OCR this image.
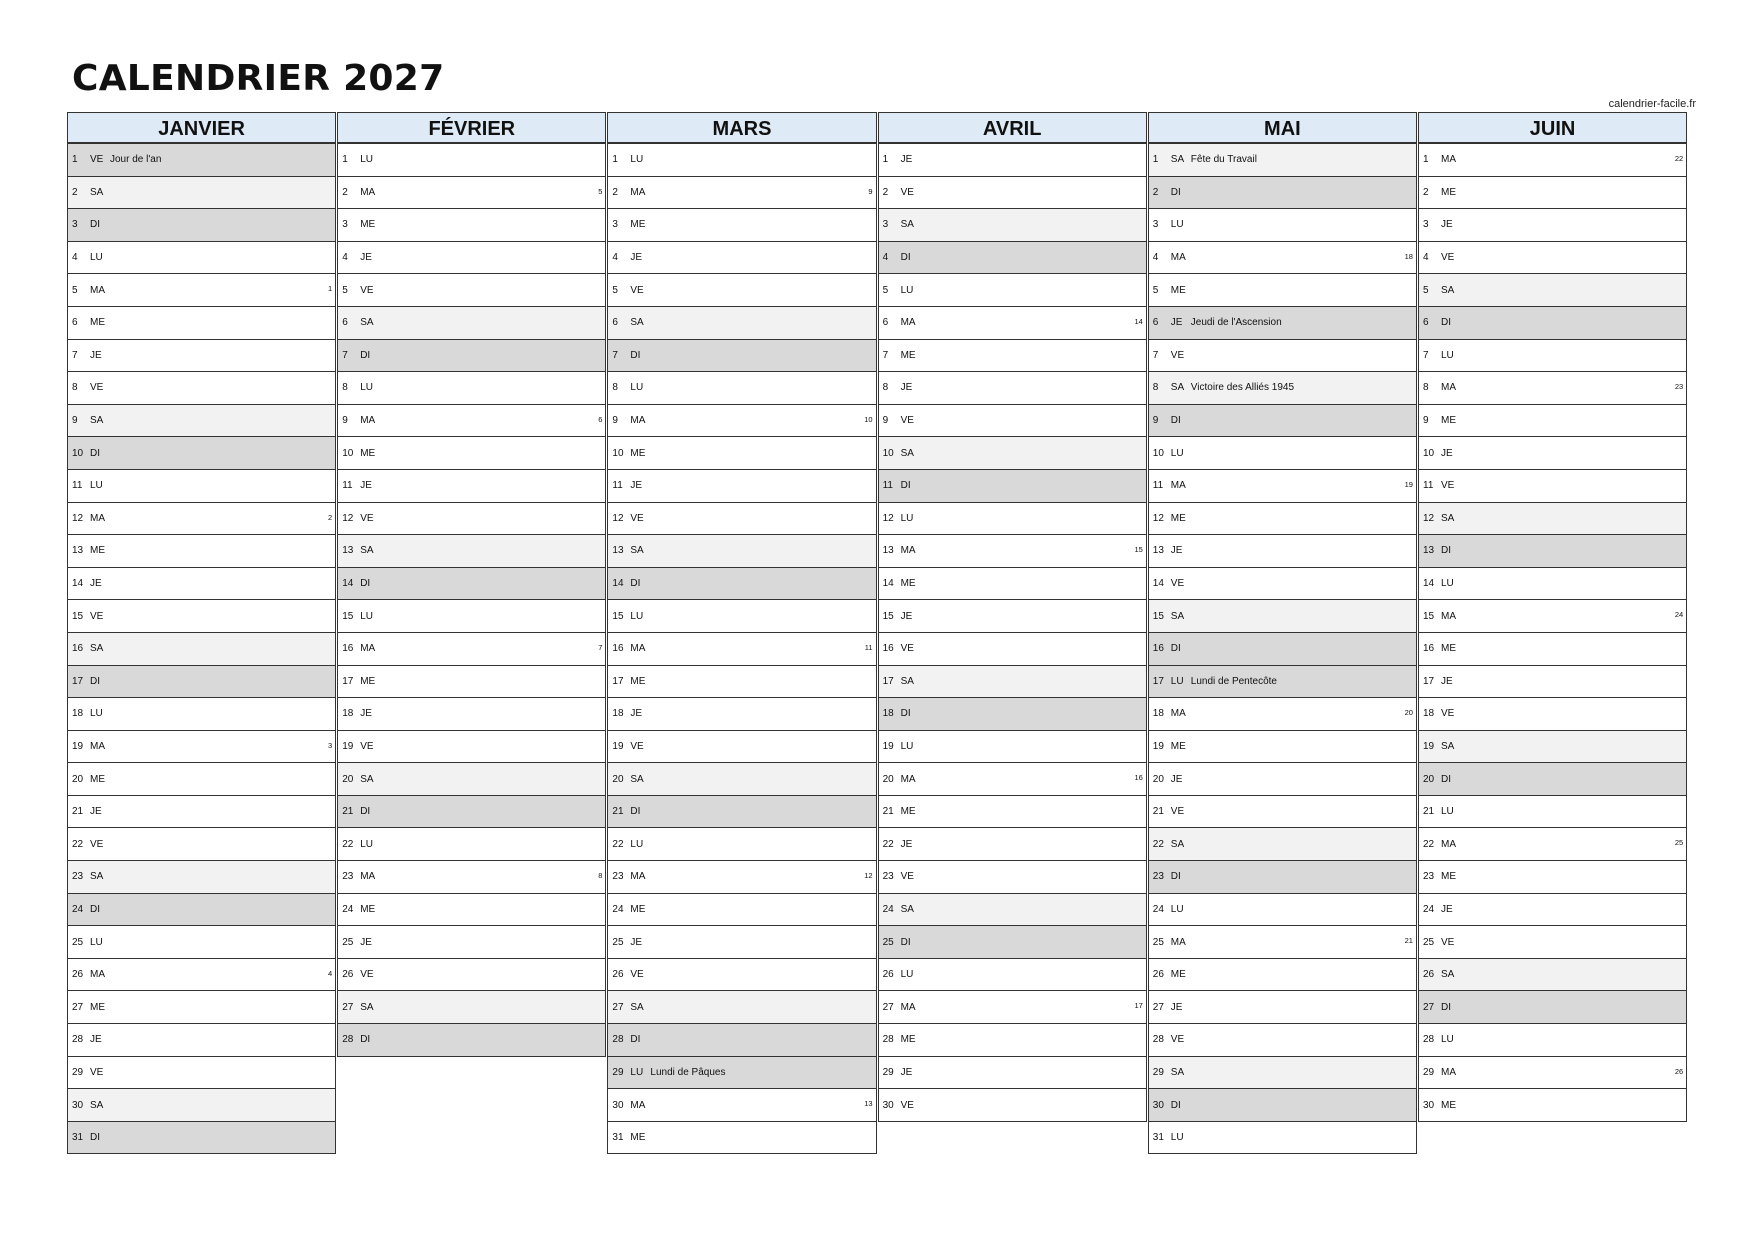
CALENDRIER 2027
calendrier-facile.fr
JANVIER
1	VE Jour de l'an
2	SA
3	DI
4	LU
5	MA	1
6	ME
7	JE
8	VE
9	SA
10 DI
11 LU
12 MA	2
13 ME
14 JE
15 VE
16 SA
17 DI
18 LU
19 MA	3
20 ME
21 JE
22 VE
23 SA
24 DI
25 LU
26 MA	4
27 ME
28 JE
29 VE
30 SA
31 DI
FÉVRIER
1	LU
2	MA	5
3	ME
4	JE
5	VE
6	SA
7	DI
8	LU
9	MA	6
10 ME
11 JE
12 VE
13 SA
14 DI
15 LU
16 MA	7
17 ME
18 JE
19 VE
20 SA
21 DI
22 LU
23 MA	8
24 ME
25 JE
26 VE
27 SA
28 DI
MARS
1	LU
2	MA	9
3	ME
4	JE
5	VE
6	SA
7	DI
8	LU
9	MA	10
10 ME
11 JE
12 VE
13 SA
14 DI
15 LU
16 MA	11
17 ME
18 JE
19 VE
20 SA
21 DI
22 LU
23 MA	12
24 ME
25 JE
26 VE
27 SA
28 DI
29 LU Lundi de Pâques
30 MA	13
31 ME
AVRIL
1	JE
2	VE
3	SA
4	DI
5	LU
6	MA	14
7	ME
8	JE
9	VE
10 SA
11 DI
12 LU
13 MA	15
14 ME
15 JE
16 VE
17 SA
18 DI
19 LU
20 MA	16
21 ME
22 JE
23 VE
24 SA
25 DI
26 LU
27 MA	17
28 ME
29 JE
30 VE
MAI
1	SA Fête du Travail
2	DI
3	LU
4	MA	18
5	ME
6	JE Jeudi de l'Ascension
7	VE
8	SA Victoire des Alliés 1945
9	DI
10 LU
11 MA	19
12 ME
13 JE
14 VE
15 SA
16 DI
17 LU Lundi de Pentecôte
18 MA	20
19 ME
20 JE
21 VE
22 SA
23 DI
24 LU
25 MA	21
26 ME
27 JE
28 VE
29 SA
30 DI
31 LU
JUIN
1	MA	22
2	ME
3	JE
4	VE
5	SA
6	DI
7	LU
8	MA	23
9	ME
10 JE
11 VE
12 SA
13 DI
14 LU
15 MA	24
16 ME
17 JE
18 VE
19 SA
20 DI
21 LU
22 MA	25
23 ME
24 JE
25 VE
26 SA
27 DI
28 LU
29 MA	26
30 ME
